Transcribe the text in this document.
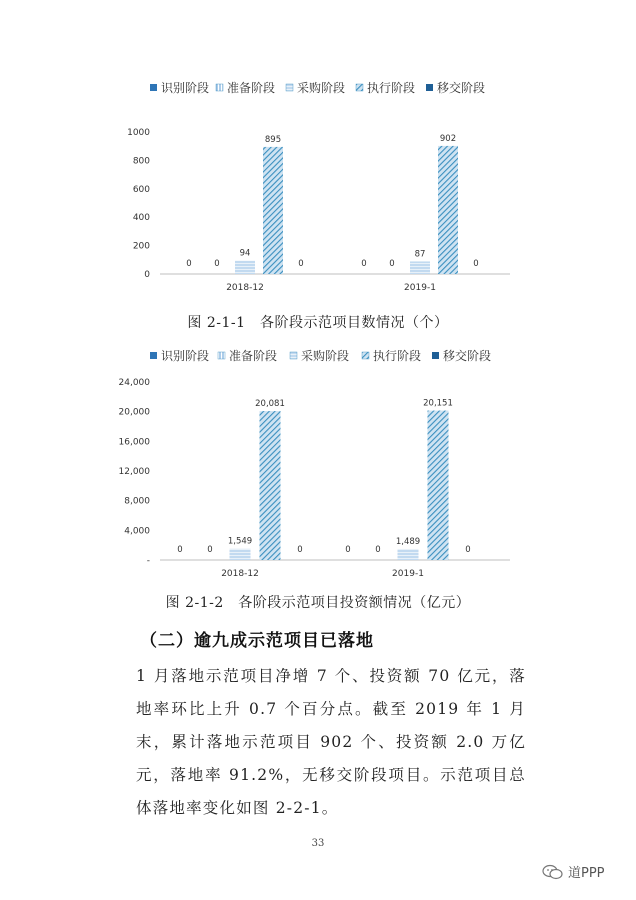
识别阶段 准备阶段 采购阶段 执行阶段 移交阶段
0
200
400
600
800
1000
0	0
94
895
0
2018-12
0	0
87
902
0
2019-1
图 2-1-1　各阶段示范项目数情况（个）
识别阶段 准备阶段 采购阶段 执行阶段 移交阶段
-
4,000
8,000
12,000
16,000
20,000
24,000
0	0
1,549
20,081
0
2018-12
0	0
1,489
20,151
0
2019-1
图 2-1-2　各阶段示范项目投资额情况（亿元）
（二）逾九成示范项目已落地
1 月落地示范项目净增 7 个、投资额 70 亿元，落地率环比上升 0.7 个百分点。截至 2019 年 1 月末，累计落地示范项目 902 个、投资额 2.0 万亿元，落地率 91.2%，无移交阶段项目。示范项目总体落地率变化如图 2-2-1。
33
道PPP
